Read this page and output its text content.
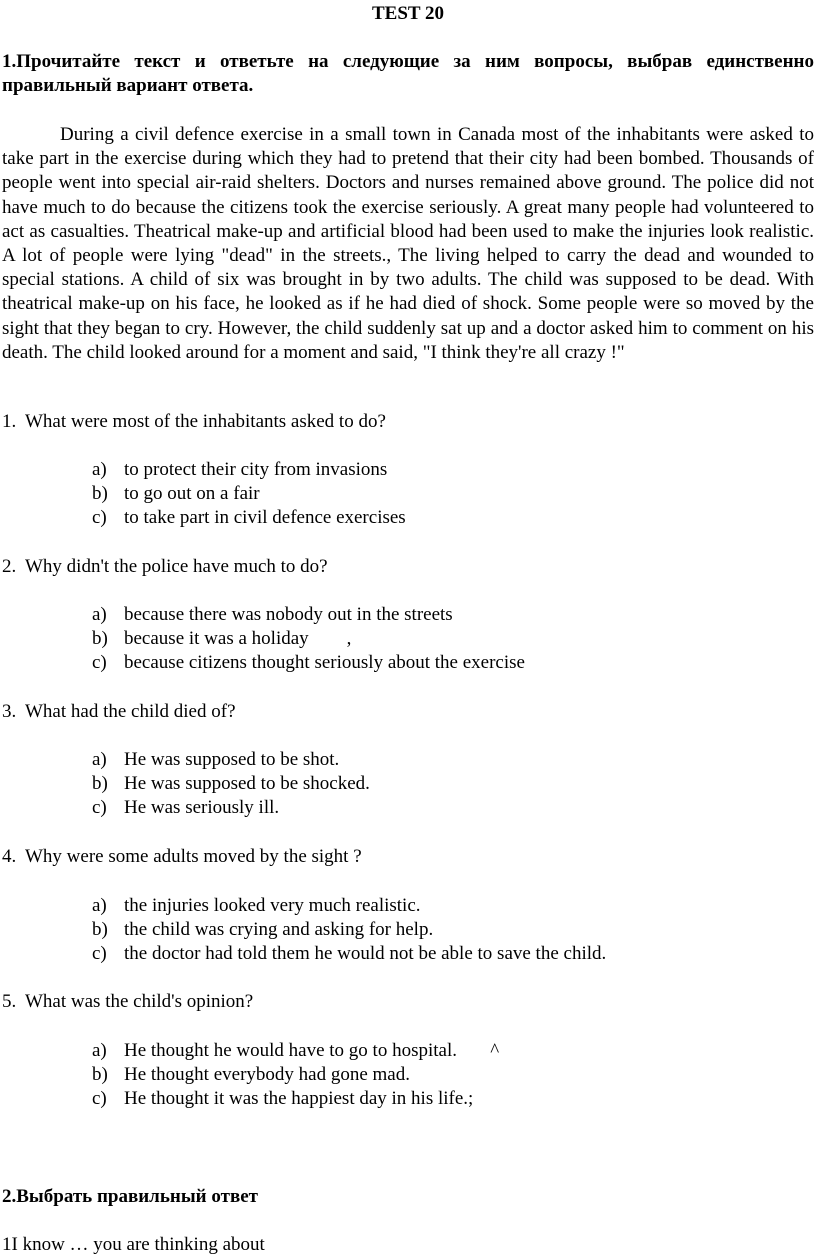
TEST 20
1.Прочитайте текст и ответьте на следующие за ним вопросы, выбрав единственно правильный вариант ответа.

During a civil defence exercise in a small town in Canada most of the inhabitants were asked to take part in the exercise during which they had to pretend that their city had been bombed. Thousands of people went into special air-raid shelters. Doctors and nurses remained above ground. The police did not have much to do because the citizens took the exercise seriously. A great many people had volunteered to act as casualties. Theatrical make-up and artificial blood had been used to make the injuries look realistic. A lot of people were lying "dead" in the streets., The living helped to carry the dead and wounded to special stations. A child of six was brought in by two adults. The child was supposed to be dead. With theatrical make-up on his face, he looked as if he had died of shock. Some people were so moved by the sight that they began to cry. However, the child suddenly sat up and a doctor asked him to comment on his death. The child looked around for a moment and said, "I think they're all crazy !"

1. What were most of the inhabitants asked to do?

a) to protect their city from invasions
b) to go out on a fair
c) to take part in civil defence exercises

2. Why didn't the police have much to do?

a) because there was nobody out in the streets
b) because it was a holiday        ,
c) because citizens thought seriously about the exercise

3. What had the child died of?

a) He was supposed to be shot.
b) He was supposed to be shocked.
c) He was seriously ill.

4. Why were some adults moved by the sight ?

a) the injuries looked very much realistic.
b) the child was crying and asking for help.
c) the doctor had told them he would not be able to save the child.

5. What was the child's opinion?

a) He thought he would have to go to hospital.       ^
b) He thought everybody had gone mad.
c) He thought it was the happiest day in his life.;
2.Выбрать правильный ответ
1I know … you are thinking about
